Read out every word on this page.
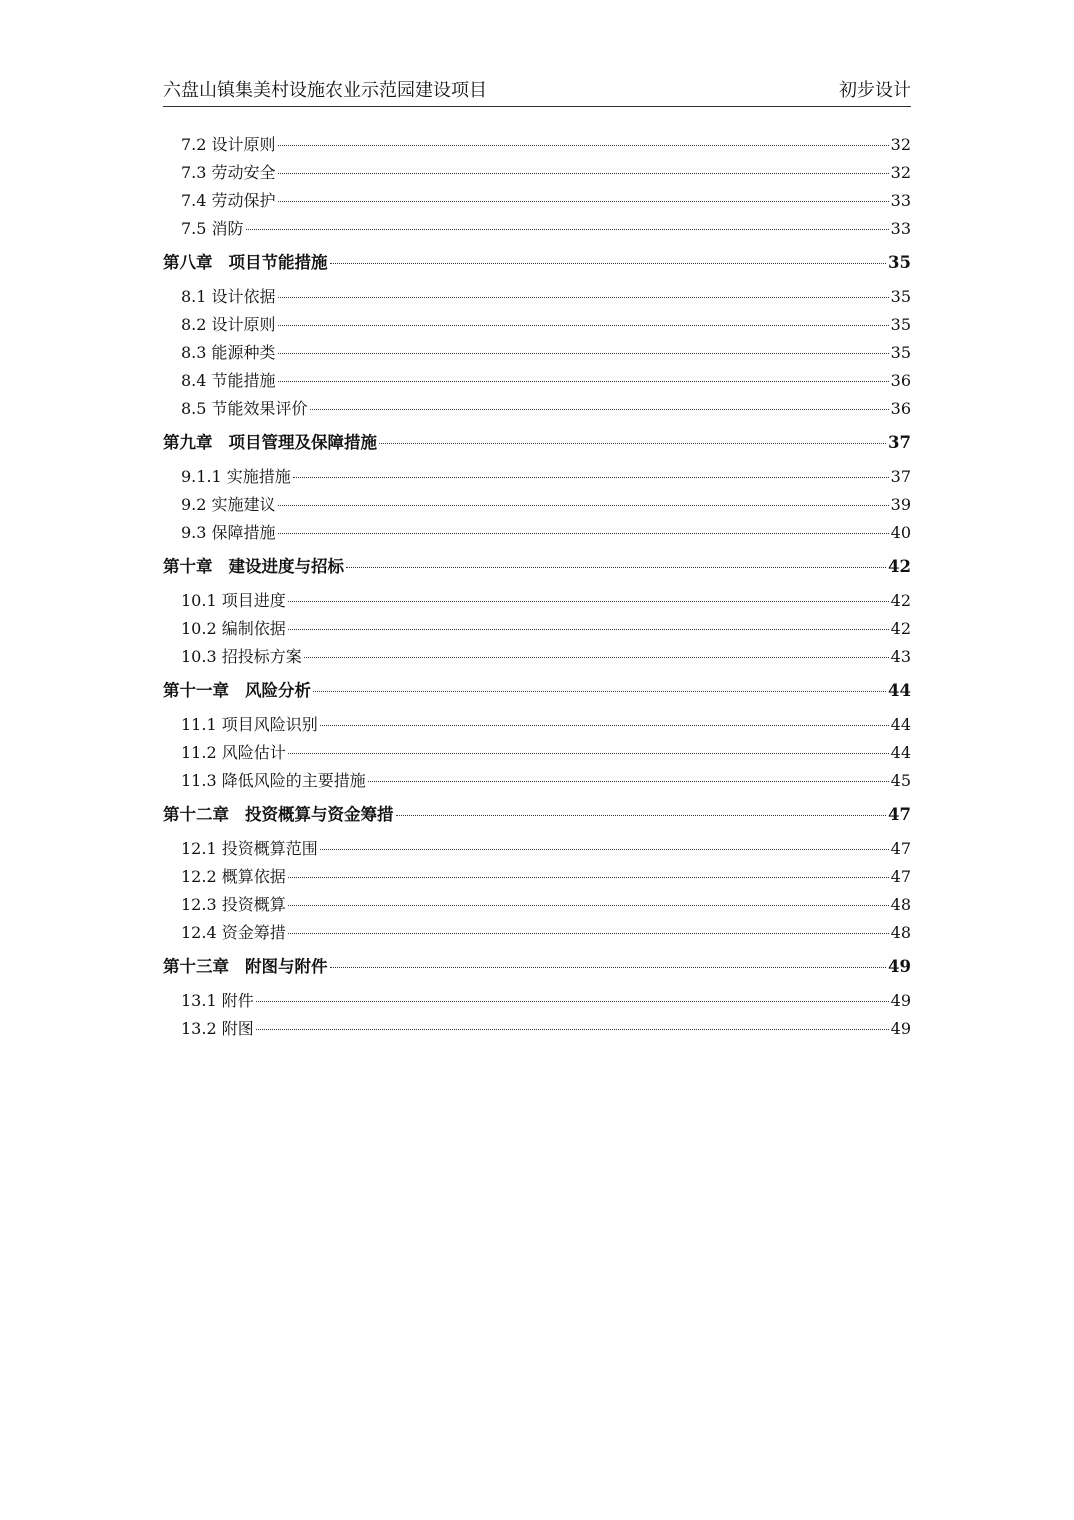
六盘山镇集美村设施农业示范园建设项目	初步设计
7.2 设计原则	32
7.3 劳动安全	32
7.4 劳动保护	33
7.5 消防	33
第八章 项目节能措施	35
8.1 设计依据	35
8.2 设计原则	35
8.3 能源种类	35
8.4 节能措施	36
8.5 节能效果评价	36
第九章 项目管理及保障措施	37
9.1.1 实施措施	37
9.2 实施建议	39
9.3 保障措施	40
第十章 建设进度与招标	42
10.1 项目进度	42
10.2 编制依据	42
10.3 招投标方案	43
第十一章 风险分析	44
11.1 项目风险识别	44
11.2 风险估计	44
11.3 降低风险的主要措施	45
第十二章 投资概算与资金筹措	47
12.1 投资概算范围	47
12.2 概算依据	47
12.3 投资概算	48
12.4 资金筹措	48
第十三章 附图与附件	49
13.1 附件	49
13.2 附图	49
